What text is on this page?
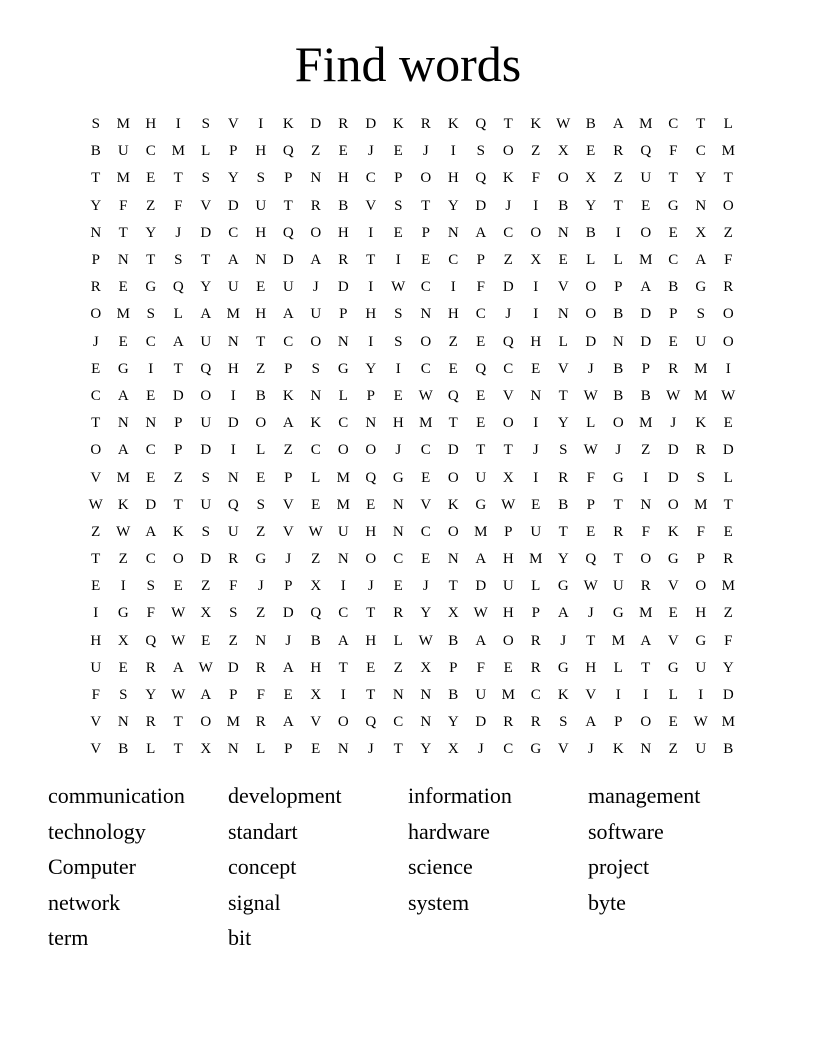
Find words
S	M	H	I	S	V	I	K	D	R	D	K	R	K	Q	T	K W	B	A	M	C	T	L
B	U	C	M	L	P	H	Q	Z	E	J	E	J	I	S	O	Z	X	E	R	Q	F	C	M
T	M	E	T	S	Y	S	P	N	H	C	P	O	H	Q	K	F	O	X	Z	U	T	Y	T
Y	F	Z	F	V	D	U	T	R	B	V	S	T	Y	D	J	I	B	Y	T	E	G	N	O
N	T	Y	J	D	C	H	Q	O	H	I	E	P	N	A	C	O	N	B	I	O	E	X	Z
P	N	T	S	T	A	N	D	A	R	T	I	E	C	P	Z	X	E	L	L	M	C	A	F
R	E	G	Q	Y	U	E	U	J	D	I	W	C	I	F	D	I	V	O	P	A	B	G	R
O	M	S	L	A	M	H	A	U	P	H	S	N	H	C	J	I	N	O	B	D	P	S	O
J	E	C	A	U	N	T	C	O	N	I	S	O	Z	E	Q	H	L	D	N	D	E	U	O
E	G	I	T	Q	H	Z	P	S	G	Y	I	C	E	Q	C	E	V	J	B	P	R	M	I
C	A	E	D	O	I	B	K	N	L	P	E	W	Q	E	V	N	T	W	B	B	W M W
T	N	N	P	U	D	O	A	K	C	N	H	M	T	E	O	I	Y	L	O	M	J	K	E
O	A	C	P	D	I	L	Z	C	O	O	J	C	D	T	T	J	S	W	J	Z	D	R	D
V	M	E	Z	S	N	E	P	L	M	Q	G	E	O	U	X	I	R	F	G	I	D	S	L
W	K	D	T	U	Q	S	V	E	M	E	N	V	K	G W	E	B	P	T	N	O	M	T
Z	W	A	K	S	U	Z	V W	U	H	N	C	O	M	P	U	T	E	R	F	K	F	E
T	Z	C	O	D	R	G	J	Z	N	O	C	E	N	A	H	M	Y	Q	T	O	G	P	R
E	I	S	E	Z	F	J	P	X	I	J	E	J	T	D	U	L	G W	U	R	V	O	M
I	G	F	W	X	S	Z	D	Q	C	T	R	Y	X W	H	P	A	J	G	M	E	H	Z
H	X	Q W	E	Z	N	J	B	A	H	L	W	B	A	O	R	J	T	M	A	V	G	F
U	E	R	A W	D	R	A	H	T	E	Z	X	P	F	E	R	G	H	L	T	G	U	Y
F	S	Y W	A	P	F	E	X	I	T	N	N	B	U	M	C	K	V	I	I	L	I	D
V	N	R	T	O	M	R	A	V	O	Q	C	N	Y	D	R	R	S	A	P	O	E	W M
V	B	L	T	X	N	L	P	E	N	J	T	Y	X	J	C	G	V	J	K	N	Z	U	B
communication	development	information	management
technology	standart	hardware	software
Computer	concept	science	project
network	signal	system	byte
term	bit
